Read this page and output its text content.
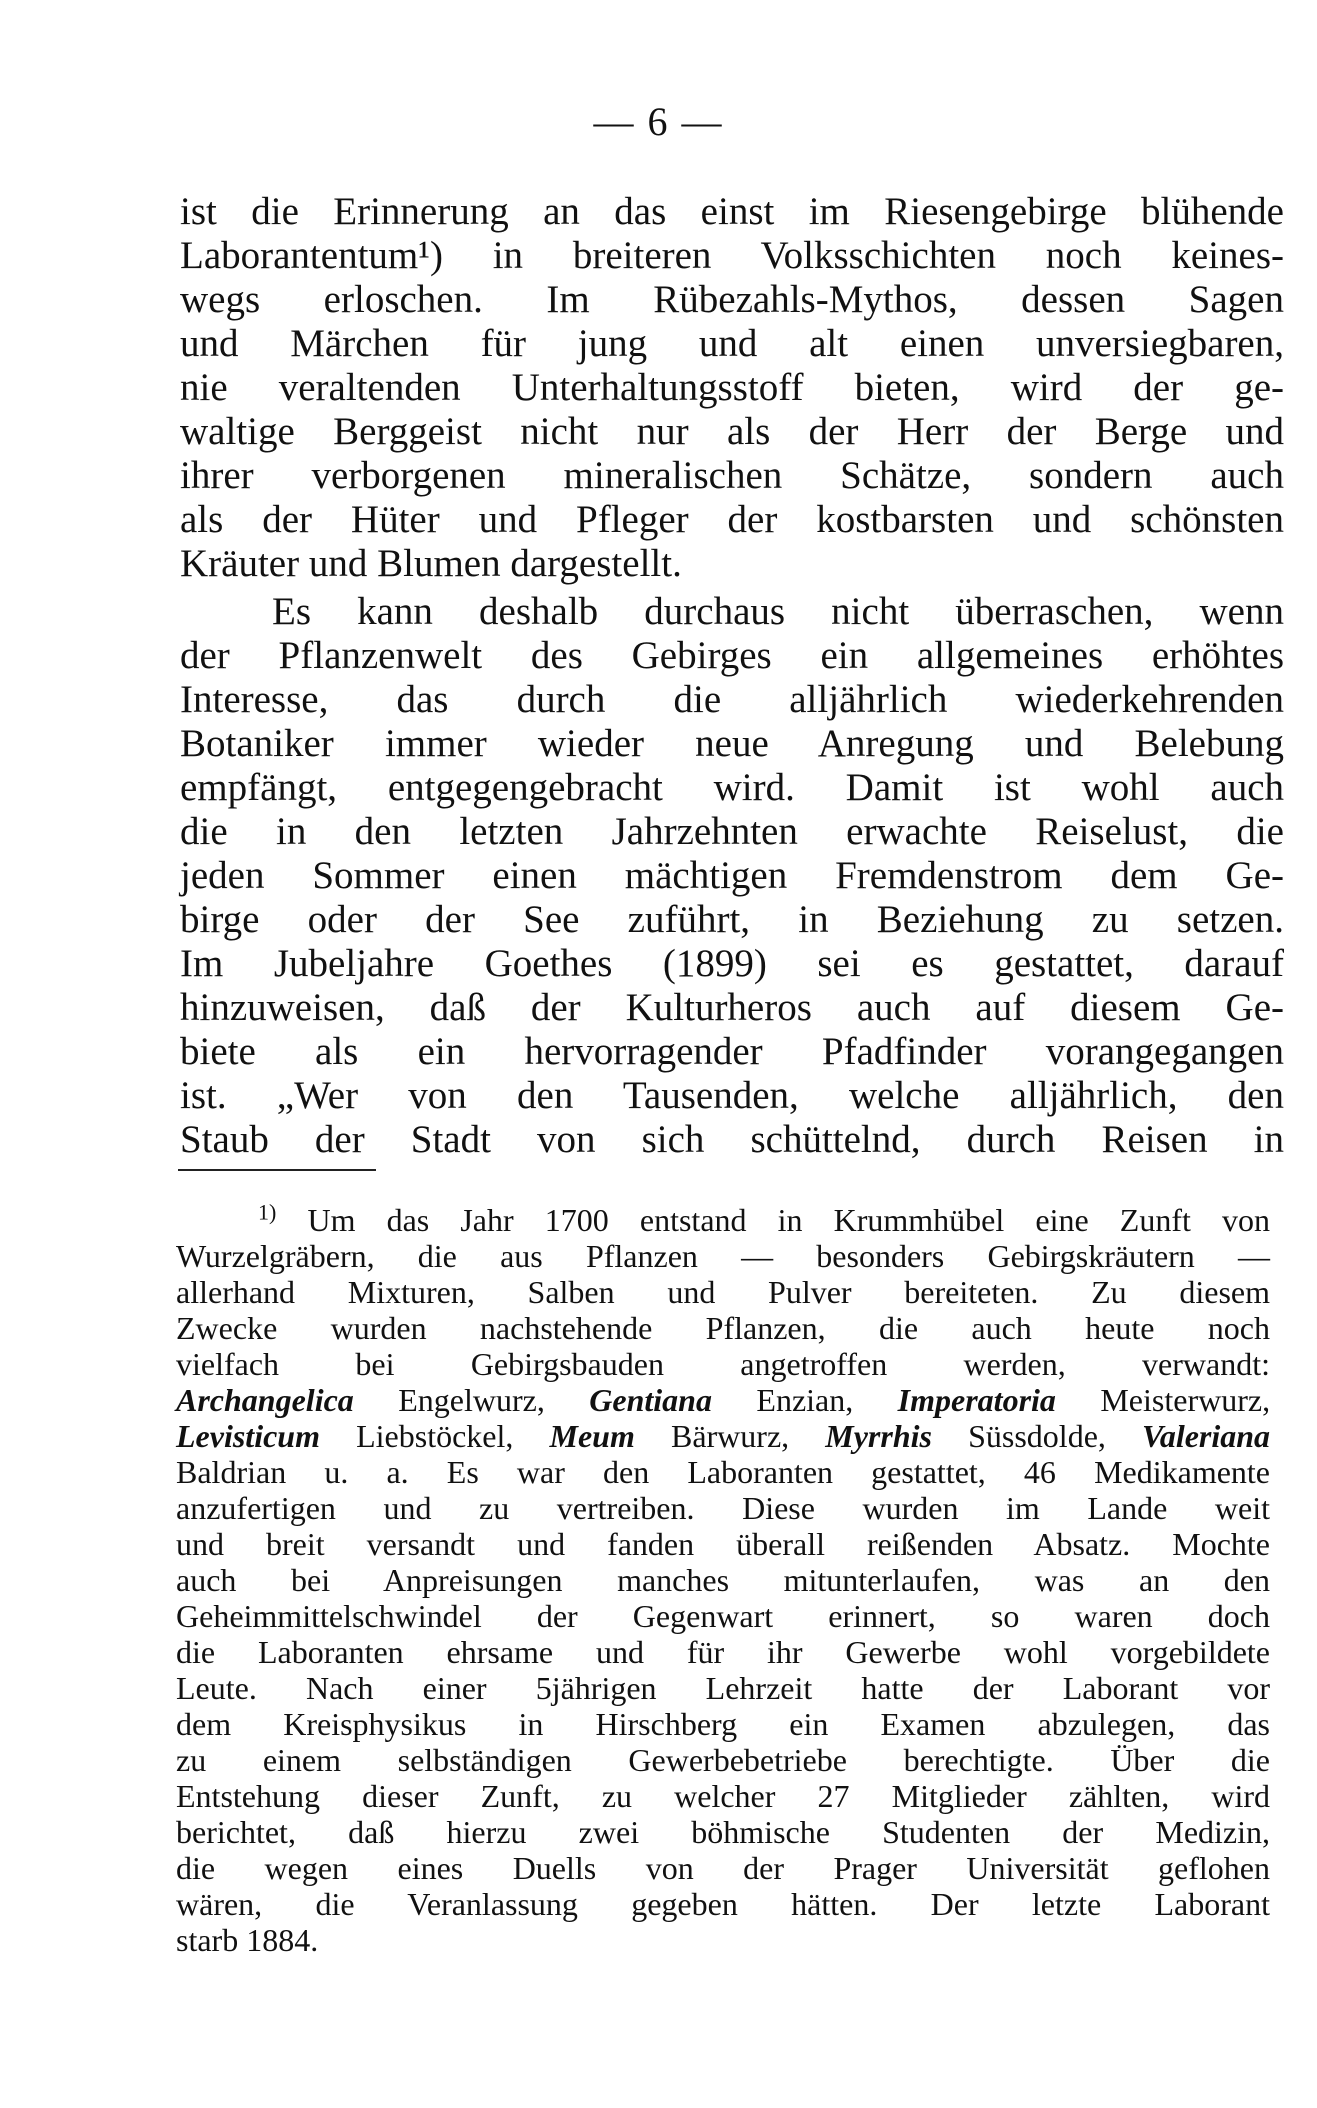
— 6 —
ist die Erinnerung an das einst im Riesengebirge blühende
Laborantentum¹) in breiteren Volksschichten noch keines-
wegs erloschen. Im Rübezahls-Mythos, dessen Sagen
und Märchen für jung und alt einen unversiegbaren,
nie veraltenden Unterhaltungsstoff bieten, wird der ge-
waltige Berggeist nicht nur als der Herr der Berge und
ihrer verborgenen mineralischen Schätze, sondern auch
als der Hüter und Pfleger der kostbarsten und schönsten
Kräuter und Blumen dargestellt.
Es kann deshalb durchaus nicht überraschen, wenn
der Pflanzenwelt des Gebirges ein allgemeines erhöhtes
Interesse, das durch die alljährlich wiederkehrenden
Botaniker immer wieder neue Anregung und Belebung
empfängt, entgegengebracht wird. Damit ist wohl auch
die in den letzten Jahrzehnten erwachte Reiselust, die
jeden Sommer einen mächtigen Fremdenstrom dem Ge-
birge oder der See zuführt, in Beziehung zu setzen.
Im Jubeljahre Goethes (1899) sei es gestattet, darauf
hinzuweisen, daß der Kulturheros auch auf diesem Ge-
biete als ein hervorragender Pfadfinder vorangegangen
ist. „Wer von den Tausenden, welche alljährlich, den
Staub der Stadt von sich schüttelnd, durch Reisen in
$^{1)}$ Um das Jahr 1700 entstand in Krummhübel eine Zunft von
Wurzelgräbern, die aus Pflanzen — besonders Gebirgskräutern —
allerhand Mixturen, Salben und Pulver bereiteten. Zu diesem
Zwecke wurden nachstehende Pflanzen, die auch heute noch
vielfach bei Gebirgsbauden angetroffen werden, verwandt:
Archangelica Engelwurz, Gentiana Enzian, Imperatoria Meisterwurz,
Levisticum Liebstöckel, Meum Bärwurz, Myrrhis Süssdolde, Valeriana
Baldrian u. a. Es war den Laboranten gestattet, 46 Medikamente
anzufertigen und zu vertreiben. Diese wurden im Lande weit
und breit versandt und fanden überall reißenden Absatz. Mochte
auch bei Anpreisungen manches mitunterlaufen, was an den
Geheimmittelschwindel der Gegenwart erinnert, so waren doch
die Laboranten ehrsame und für ihr Gewerbe wohl vorgebildete
Leute. Nach einer 5jährigen Lehrzeit hatte der Laborant vor
dem Kreisphysikus in Hirschberg ein Examen abzulegen, das
zu einem selbständigen Gewerbebetriebe berechtigte. Über die
Entstehung dieser Zunft, zu welcher 27 Mitglieder zählten, wird
berichtet, daß hierzu zwei böhmische Studenten der Medizin,
die wegen eines Duells von der Prager Universität geflohen
wären, die Veranlassung gegeben hätten. Der letzte Laborant
starb 1884.
